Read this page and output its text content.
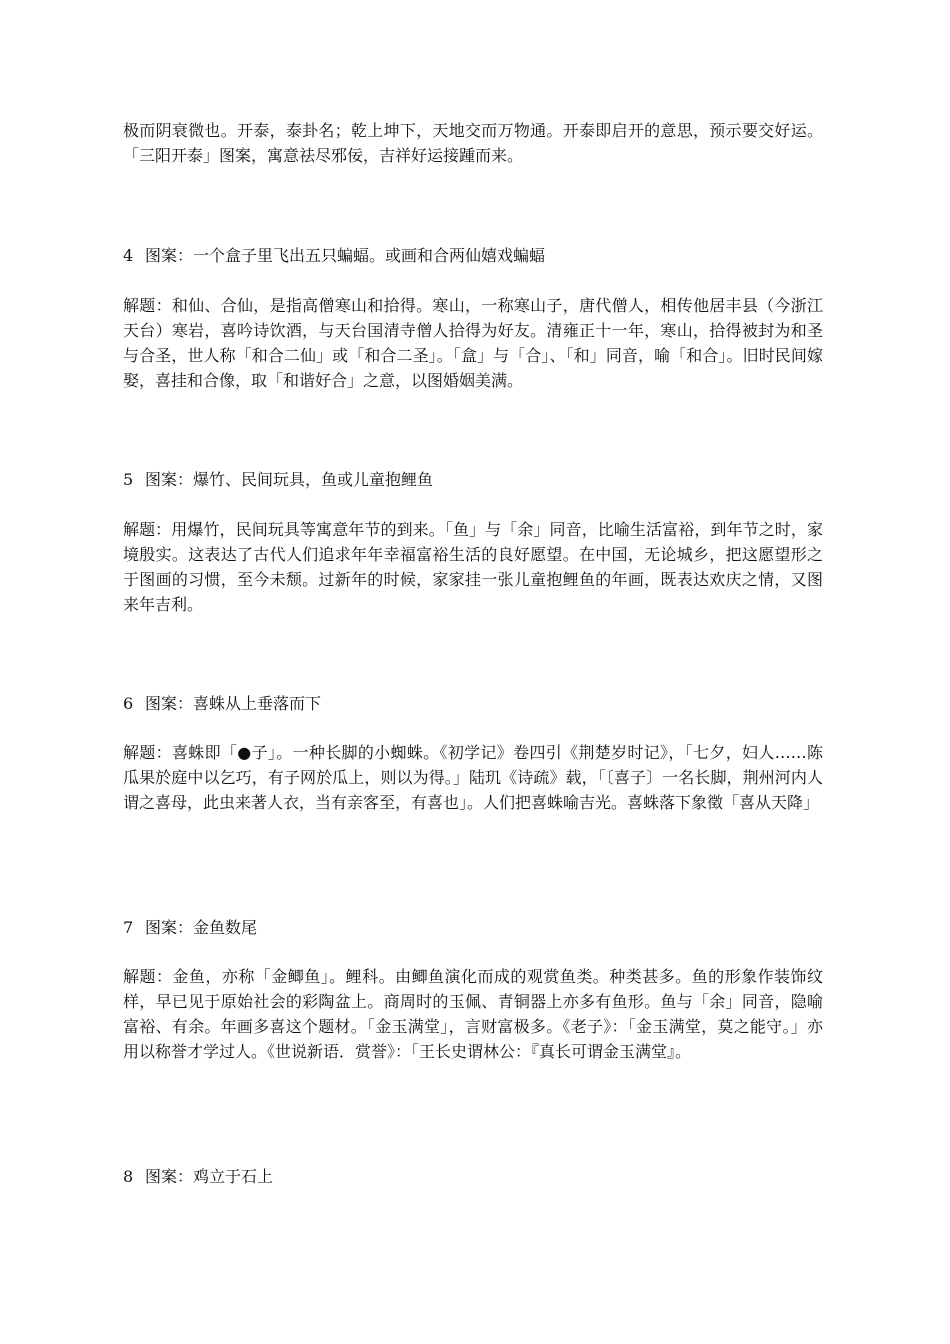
极而阴衰微也。开泰，泰卦名；乾上坤下，天地交而万物通。开泰即启开的意思，预示要交好运。「三阳开泰」图案，寓意祛尽邪佞，吉祥好运接踵而来。

4 图案：一个盒子里飞出五只蝙蝠。或画和合两仙嬉戏蝙蝠

解题：和仙、合仙，是指高僧寒山和拾得。寒山，一称寒山子，唐代僧人，相传他居丰县（今浙江天台）寒岩，喜吟诗饮酒，与天台国清寺僧人拾得为好友。清雍正十一年，寒山，拾得被封为和圣与合圣，世人称「和合二仙」或「和合二圣」。「盒」与「合」、「和」同音，喻「和合」。旧时民间嫁娶，喜挂和合像，取「和谐好合」之意，以图婚姻美满。

5 图案：爆竹、民间玩具，鱼或儿童抱鲤鱼

解题：用爆竹，民间玩具等寓意年节的到来。「鱼」与「余」同音，比喻生活富裕，到年节之时，家境殷实。这表达了古代人们追求年年幸福富裕生活的良好愿望。在中国，无论城乡，把这愿望形之于图画的习惯，至今未颓。过新年的时候，家家挂一张儿童抱鲤鱼的年画，既表达欢庆之情，又图来年吉利。

6 图案：喜蛛从上垂落而下

解题：喜蛛即「●子」。一种长脚的小蜘蛛。《初学记》卷四引《荆楚岁时记》，「七夕，妇人……陈瓜果於庭中以乞巧，有子网於瓜上，则以为得。」陆玑《诗疏》载，「〔喜子〕一名长脚，荆州河内人谓之喜母，此虫来著人衣，当有亲客至，有喜也」。人们把喜蛛喻吉光。喜蛛落下象徵「喜从天降」

7 图案：金鱼数尾

解题：金鱼，亦称「金鲫鱼」。鲤科。由鲫鱼演化而成的观赏鱼类。种类甚多。鱼的形象作装饰纹样，早已见于原始社会的彩陶盆上。商周时的玉佩、青铜器上亦多有鱼形。鱼与「余」同音，隐喻富裕、有余。年画多喜这个题材。「金玉满堂」，言财富极多。《老子》：「金玉满堂，莫之能守。」亦用以称誉才学过人。《世说新语．赏誉》：「王长史谓林公：『真长可谓金玉满堂』。

8 图案：鸡立于石上
